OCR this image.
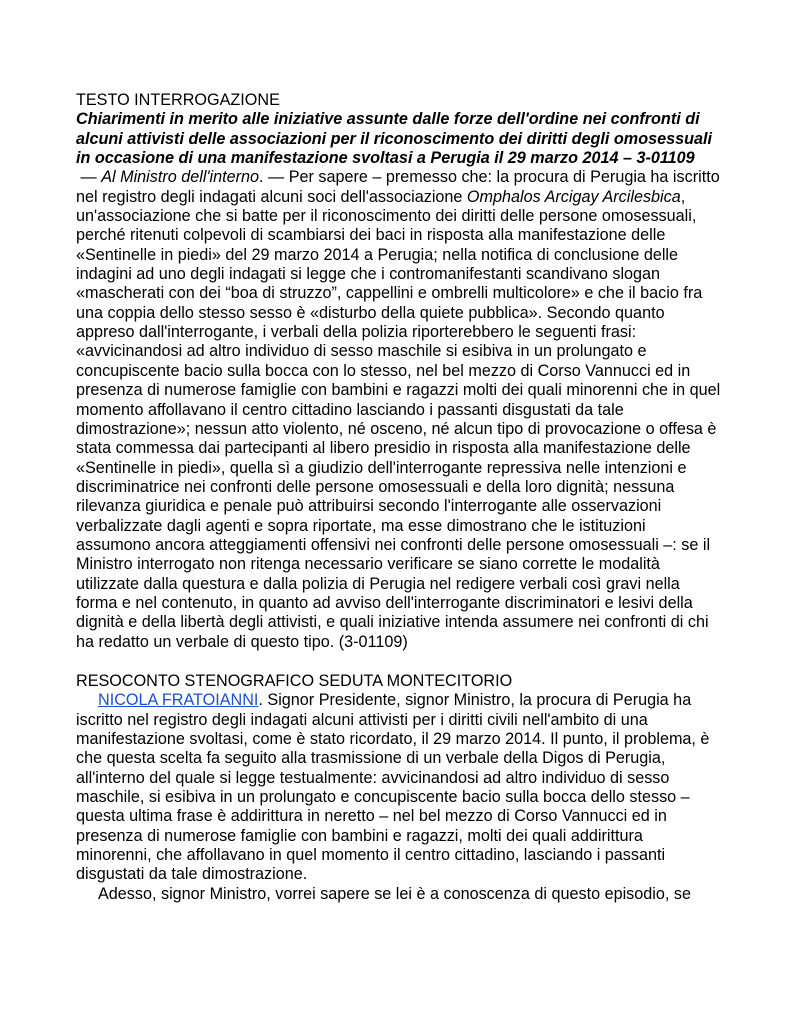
TESTO INTERROGAZIONE

Chiarimenti in merito alle iniziative assunte dalle forze dell'ordine nei confronti di alcuni attivisti delle associazioni per il riconoscimento dei diritti degli omosessuali in occasione di una manifestazione svoltasi a Perugia il 29 marzo 2014 – 3-01109 — Al Ministro dell'interno. — Per sapere – premesso che: la procura di Perugia ha iscritto nel registro degli indagati alcuni soci dell'associazione Omphalos Arcigay Arcilesbica, un'associazione che si batte per il riconoscimento dei diritti delle persone omosessuali, perché ritenuti colpevoli di scambiarsi dei baci in risposta alla manifestazione delle «Sentinelle in piedi» del 29 marzo 2014 a Perugia; nella notifica di conclusione delle indagini ad uno degli indagati si legge che i contromanifestanti scandivano slogan «mascherati con dei “boa di struzzo”, cappellini e ombrelli multicolore» e che il bacio fra una coppia dello stesso sesso è «disturbo della quiete pubblica». Secondo quanto appreso dall'interrogante, i verbali della polizia riporterebbero le seguenti frasi: «avvicinandosi ad altro individuo di sesso maschile si esibiva in un prolungato e concupiscente bacio sulla bocca con lo stesso, nel bel mezzo di Corso Vannucci ed in presenza di numerose famiglie con bambini e ragazzi molti dei quali minorenni che in quel momento affollavano il centro cittadino lasciando i passanti disgustati da tale dimostrazione»; nessun atto violento, né osceno, né alcun tipo di provocazione o offesa è stata commessa dai partecipanti al libero presidio in risposta alla manifestazione delle «Sentinelle in piedi», quella sì a giudizio dell'interrogante repressiva nelle intenzioni e discriminatrice nei confronti delle persone omosessuali e della loro dignità; nessuna rilevanza giuridica e penale può attribuirsi secondo l'interrogante alle osservazioni verbalizzate dagli agenti e sopra riportate, ma esse dimostrano che le istituzioni assumono ancora atteggiamenti offensivi nei confronti delle persone omosessuali –: se il Ministro interrogato non ritenga necessario verificare se siano corrette le modalità utilizzate dalla questura e dalla polizia di Perugia nel redigere verbali così gravi nella forma e nel contenuto, in quanto ad avviso dell'interrogante discriminatori e lesivi della dignità e della libertà degli attivisti, e quali iniziative intenda assumere nei confronti di chi ha redatto un verbale di questo tipo. (3-01109)

RESOCONTO STENOGRAFICO SEDUTA MONTECITORIO

NICOLA FRATOIANNI. Signor Presidente, signor Ministro, la procura di Perugia ha iscritto nel registro degli indagati alcuni attivisti per i diritti civili nell'ambito di una manifestazione svoltasi, come è stato ricordato, il 29 marzo 2014. Il punto, il problema, è che questa scelta fa seguito alla trasmissione di un verbale della Digos di Perugia, all'interno del quale si legge testualmente: avvicinandosi ad altro individuo di sesso maschile, si esibiva in un prolungato e concupiscente bacio sulla bocca dello stesso – questa ultima frase è addirittura in neretto – nel bel mezzo di Corso Vannucci ed in presenza di numerose famiglie con bambini e ragazzi, molti dei quali addirittura minorenni, che affollavano in quel momento il centro cittadino, lasciando i passanti disgustati da tale dimostrazione.

Adesso, signor Ministro, vorrei sapere se lei è a conoscenza di questo episodio, se
